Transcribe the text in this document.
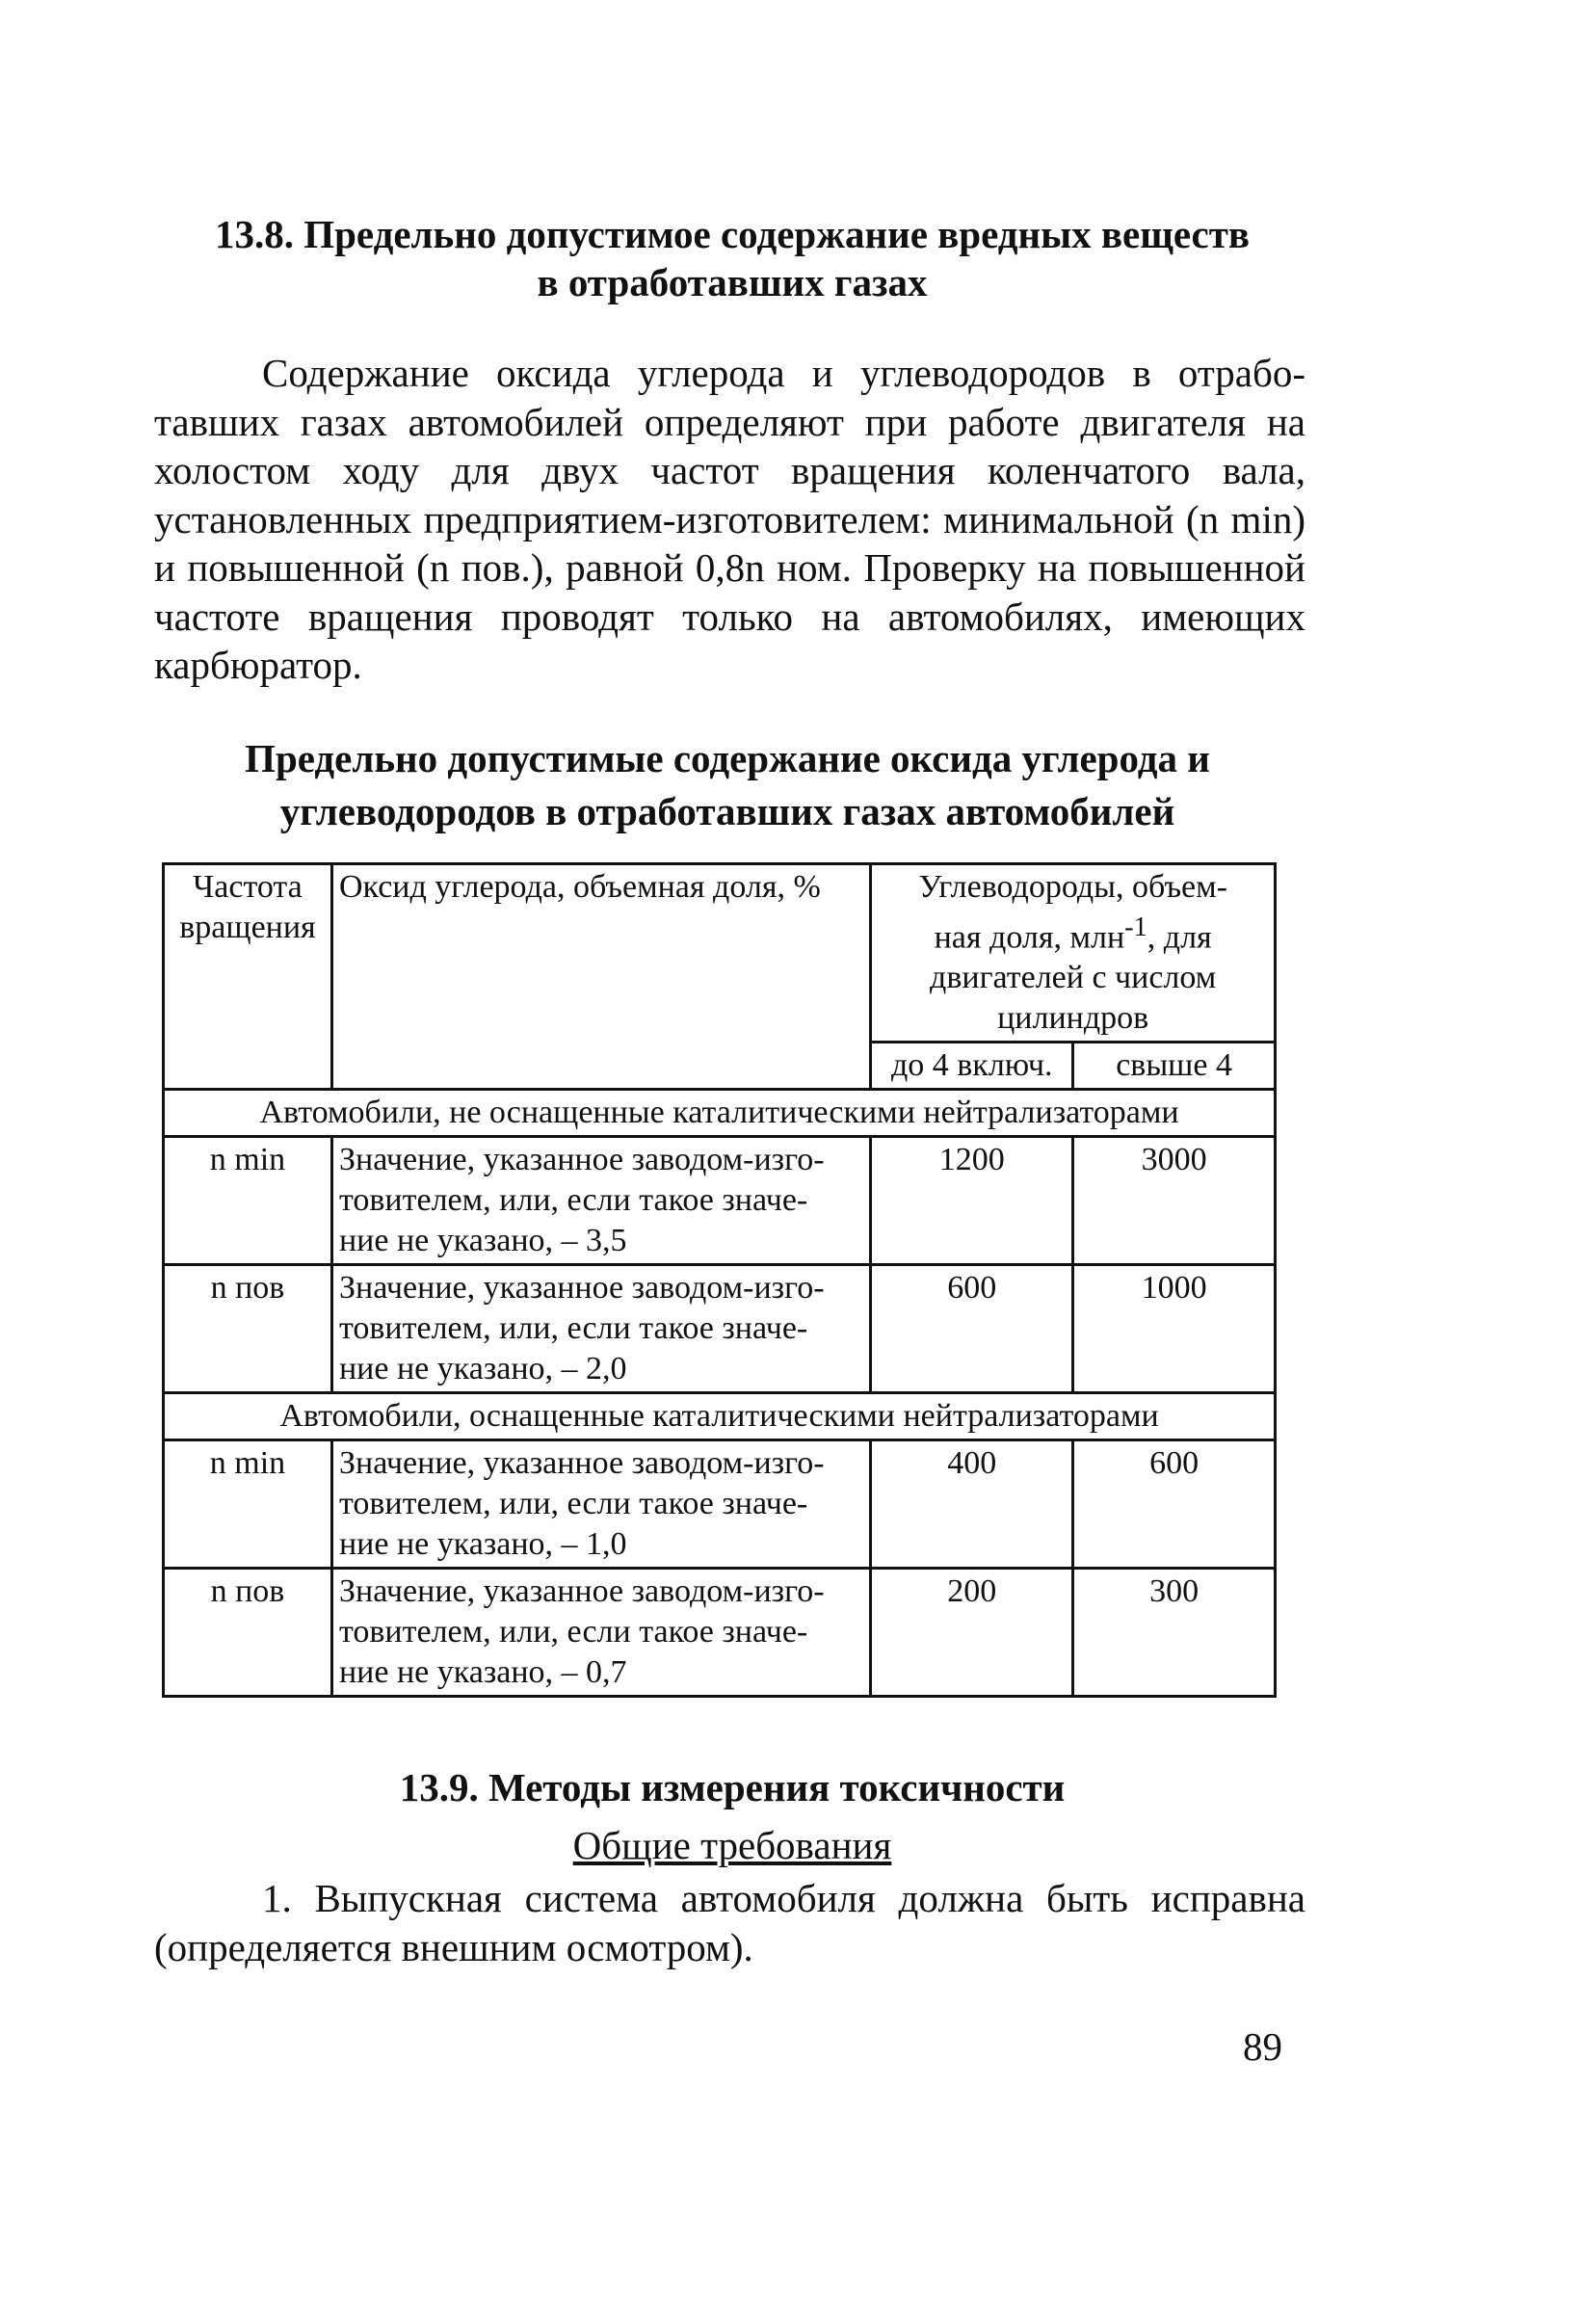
13.8. Предельно допустимое содержание вредных веществ
в отработавших газах

Содержание оксида углерода и углеводородов в отрабо-
тавших газах автомобилей определяют при работе двигателя на
холостом ходу для двух частот вращения коленчатого вала,
установленных предприятием-изготовителем: минимальной (n min)
и повышенной (n пов.), равной 0,8n ном. Проверку на повышенной
частоте вращения проводят только на автомобилях, имеющих
карбюратор.

Предельно допустимые содержание оксида углерода и
углеводородов в отработавших газах автомобилей
Частота
вращения	Оксид углерода, объемная доля, %	Углеводороды, объем-
ная доля, млн$^{-1}$, для
двигателей с числом
цилиндров	
		до 4 включ.	свыше 4
Автомобили, не оснащенные каталитическими нейтрализаторами			
n min	Значение, указанное заводом-изго-
товителем, или, если такое значе-
ние не указано, – 3,5	1200	3000
n пов	Значение, указанное заводом-изго-
товителем, или, если такое значе-
ние не указано, – 2,0	600	1000
Автомобили, оснащенные каталитическими нейтрализаторами			
n min	Значение, указанное заводом-изго-
товителем, или, если такое значе-
ние не указано, – 1,0	400	600
n пов	Значение, указанное заводом-изго-
товителем, или, если такое значе-
ние не указано, – 0,7	200	300
13.9. Методы измерения токсичности
Общие требования

1. Выпускная система автомобиля должна быть исправна
(определяется внешним осмотром).

89
